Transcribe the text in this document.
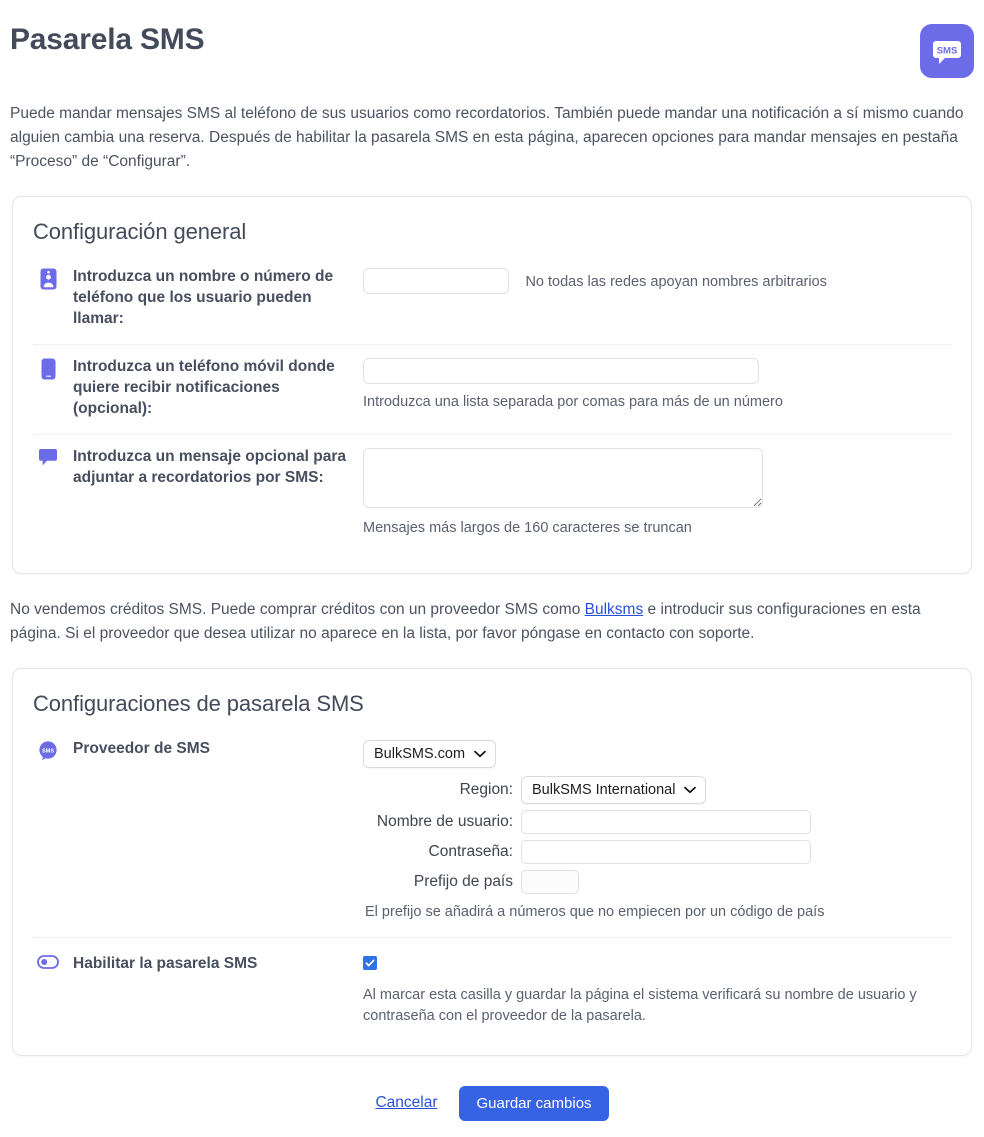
Pasarela SMS	SMS

Puede mandar mensajes SMS al teléfono de sus usuarios como recordatorios. También puede mandar una notificación a sí mismo cuando alguien cambia una reserva. Después de habilitar la pasarela SMS en esta página, aparecen opciones para mandar mensajes en pestaña “Proceso” de “Configurar”.

Configuración general
Introduzca un nombre o número de teléfono que los usuario pueden llamar:
No todas las redes apoyan nombres arbitrarios
Introduzca un teléfono móvil donde quiere recibir notificaciones (opcional):	Introduzca una lista separada por comas para más de un número
Introduzca un mensaje opcional para adjuntar a recordatorios por SMS:
Mensajes más largos de 160 caracteres se truncan

No vendemos créditos SMS. Puede comprar créditos con un proveedor SMS como Bulksms e introducir sus configuraciones en esta página. Si el proveedor que desea utilizar no aparece en la lista, por favor póngase en contacto con soporte.

Configuraciones de pasarela SMS
SMS Proveedor de SMS	BulkSMS.com
Region:	BulkSMS International
Nombre de usuario:
Contraseña:
Prefijo de país
El prefijo se añadirá a números que no empiecen por un código de país
Habilitar la pasarela SMS
Al marcar esta casilla y guardar la página el sistema verificará su nombre de usuario y contraseña con el proveedor de la pasarela.
Cancelar	Guardar cambios
